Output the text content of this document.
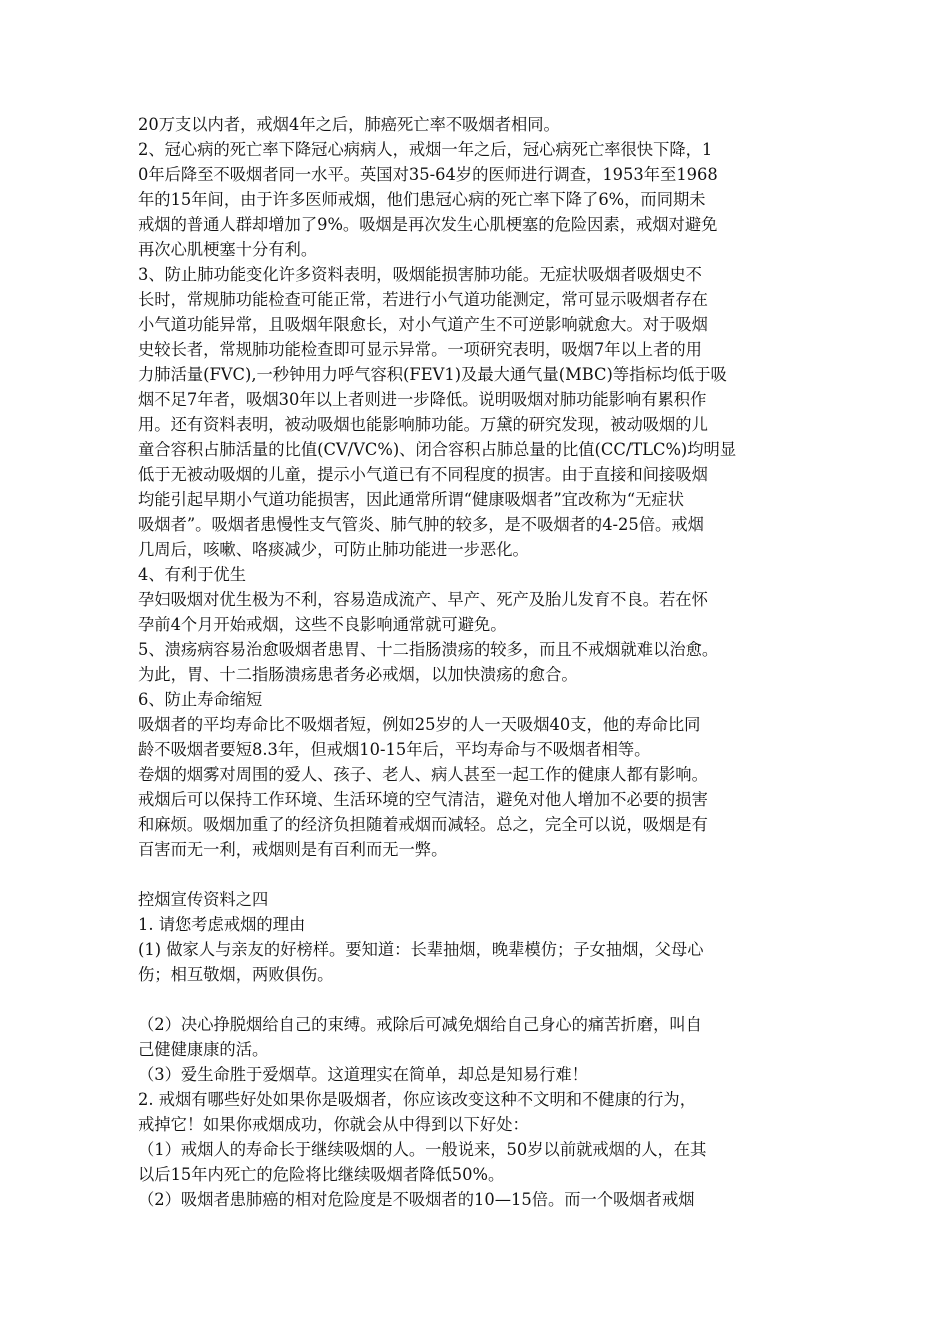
20万支以内者，戒烟4年之后，肺癌死亡率不吸烟者相同。
2、冠心病的死亡率下降冠心病病人，戒烟一年之后，冠心病死亡率很快下降，1
0年后降至不吸烟者同一水平。英国对35-64岁的医师进行调查，1953年至1968
年的15年间，由于许多医师戒烟，他们患冠心病的死亡率下降了6%，而同期未
戒烟的普通人群却增加了9%。吸烟是再次发生心肌梗塞的危险因素，戒烟对避免
再次心肌梗塞十分有利。
3、防止肺功能变化许多资料表明，吸烟能损害肺功能。无症状吸烟者吸烟史不
长时，常规肺功能检查可能正常，若进行小气道功能测定，常可显示吸烟者存在
小气道功能异常，且吸烟年限愈长，对小气道产生不可逆影响就愈大。对于吸烟
史较长者，常规肺功能检查即可显示异常。一项研究表明，吸烟7年以上者的用
力肺活量(FVC),一秒钟用力呼气容积(FEV1)及最大通气量(MBC)等指标均低于吸
烟不足7年者，吸烟30年以上者则进一步降低。说明吸烟对肺功能影响有累积作
用。还有资料表明，被动吸烟也能影响肺功能。万黛的研究发现，被动吸烟的儿
童合容积占肺活量的比值(CV/VC%)、闭合容积占肺总量的比值(CC/TLC%)均明显
低于无被动吸烟的儿童，提示小气道已有不同程度的损害。由于直接和间接吸烟
均能引起早期小气道功能损害，因此通常所谓“健康吸烟者”宜改称为“无症状
吸烟者”。吸烟者患慢性支气管炎、肺气肿的较多，是不吸烟者的4-25倍。戒烟
几周后，咳嗽、咯痰减少，可防止肺功能进一步恶化。
4、有利于优生
孕妇吸烟对优生极为不利，容易造成流产、早产、死产及胎儿发育不良。若在怀
孕前4个月开始戒烟，这些不良影响通常就可避免。
5、溃疡病容易治愈吸烟者患胃、十二指肠溃疡的较多，而且不戒烟就难以治愈。
为此，胃、十二指肠溃疡患者务必戒烟，以加快溃疡的愈合。
6、防止寿命缩短
吸烟者的平均寿命比不吸烟者短，例如25岁的人一天吸烟40支，他的寿命比同
龄不吸烟者要短8.3年，但戒烟10-15年后，平均寿命与不吸烟者相等。
卷烟的烟雾对周围的爱人、孩子、老人、病人甚至一起工作的健康人都有影响。
戒烟后可以保持工作环境、生活环境的空气清洁，避免对他人增加不必要的损害
和麻烦。吸烟加重了的经济负担随着戒烟而减轻。总之，完全可以说，吸烟是有
百害而无一利，戒烟则是有百利而无一弊。
控烟宣传资料之四
1. 请您考虑戒烟的理由
(1) 做家人与亲友的好榜样。要知道：长辈抽烟，晚辈模仿；子女抽烟，父母心
伤；相互敬烟，两败俱伤。
（2）决心挣脱烟给自己的束缚。戒除后可减免烟给自己身心的痛苦折磨，叫自
己健健康康的活。
（3）爱生命胜于爱烟草。这道理实在简单，却总是知易行难！
2. 戒烟有哪些好处如果你是吸烟者，你应该改变这种不文明和不健康的行为，
戒掉它！如果你戒烟成功，你就会从中得到以下好处：
（1）戒烟人的寿命长于继续吸烟的人。一般说来，50岁以前就戒烟的人，在其
以后15年内死亡的危险将比继续吸烟者降低50%。
（2）吸烟者患肺癌的相对危险度是不吸烟者的10—15倍。而一个吸烟者戒烟
